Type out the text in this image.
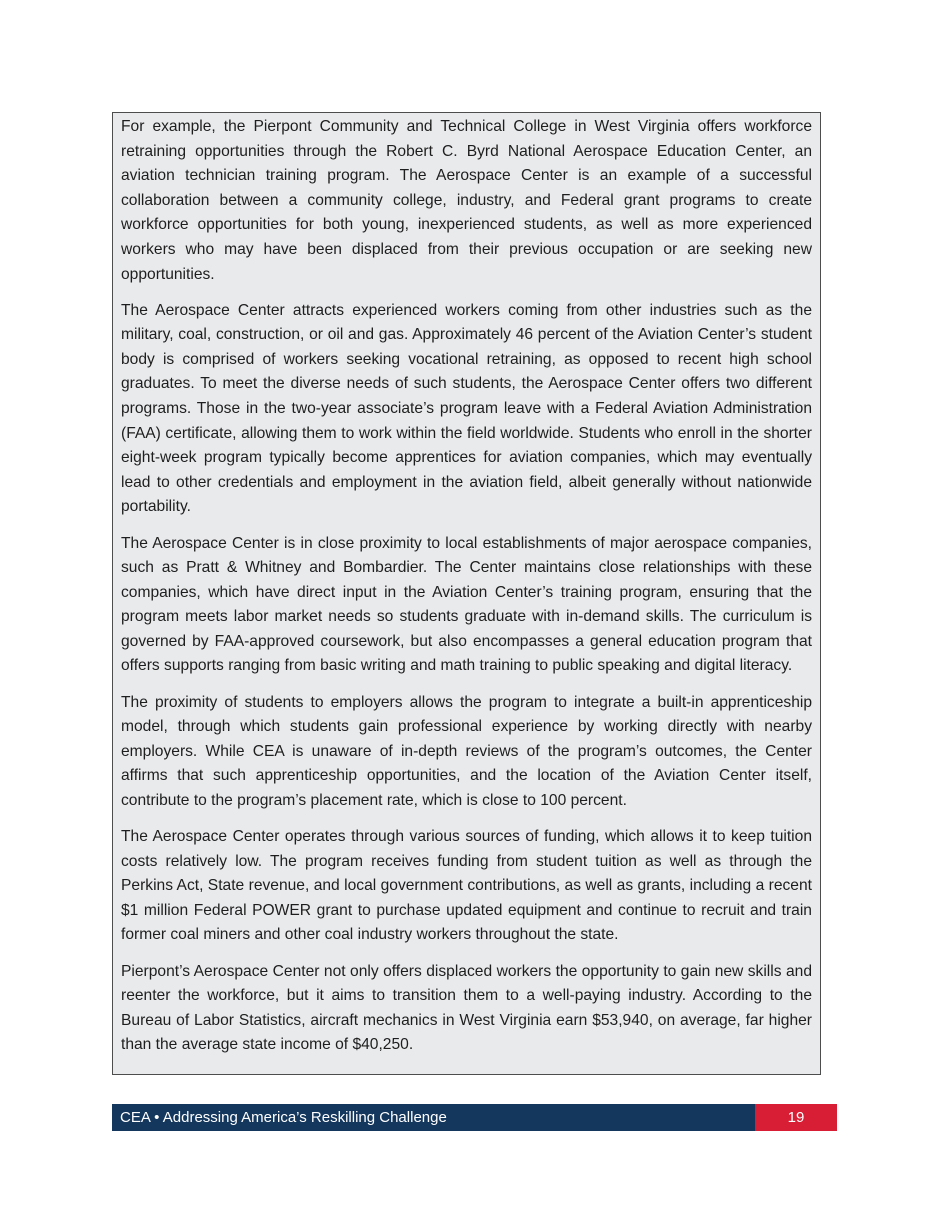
For example, the Pierpont Community and Technical College in West Virginia offers workforce retraining opportunities through the Robert C. Byrd National Aerospace Education Center, an aviation technician training program. The Aerospace Center is an example of a successful collaboration between a community college, industry, and Federal grant programs to create workforce opportunities for both young, inexperienced students, as well as more experienced workers who may have been displaced from their previous occupation or are seeking new opportunities.

The Aerospace Center attracts experienced workers coming from other industries such as the military, coal, construction, or oil and gas. Approximately 46 percent of the Aviation Center’s student body is comprised of workers seeking vocational retraining, as opposed to recent high school graduates. To meet the diverse needs of such students, the Aerospace Center offers two different programs. Those in the two-year associate’s program leave with a Federal Aviation Administration (FAA) certificate, allowing them to work within the field worldwide. Students who enroll in the shorter eight-week program typically become apprentices for aviation companies, which may eventually lead to other credentials and employment in the aviation field, albeit generally without nationwide portability.

The Aerospace Center is in close proximity to local establishments of major aerospace companies, such as Pratt & Whitney and Bombardier. The Center maintains close relationships with these companies, which have direct input in the Aviation Center’s training program, ensuring that the program meets labor market needs so students graduate with in-demand skills. The curriculum is governed by FAA-approved coursework, but also encompasses a general education program that offers supports ranging from basic writing and math training to public speaking and digital literacy.

The proximity of students to employers allows the program to integrate a built-in apprenticeship model, through which students gain professional experience by working directly with nearby employers. While CEA is unaware of in-depth reviews of the program’s outcomes, the Center affirms that such apprenticeship opportunities, and the location of the Aviation Center itself, contribute to the program’s placement rate, which is close to 100 percent.

The Aerospace Center operates through various sources of funding, which allows it to keep tuition costs relatively low. The program receives funding from student tuition as well as through the Perkins Act, State revenue, and local government contributions, as well as grants, including a recent $1 million Federal POWER grant to purchase updated equipment and continue to recruit and train former coal miners and other coal industry workers throughout the state.

Pierpont’s Aerospace Center not only offers displaced workers the opportunity to gain new skills and reenter the workforce, but it aims to transition them to a well-paying industry. According to the Bureau of Labor Statistics, aircraft mechanics in West Virginia earn $53,940, on average, far higher than the average state income of $40,250.

CEA • Addressing America’s Reskilling Challenge	19
